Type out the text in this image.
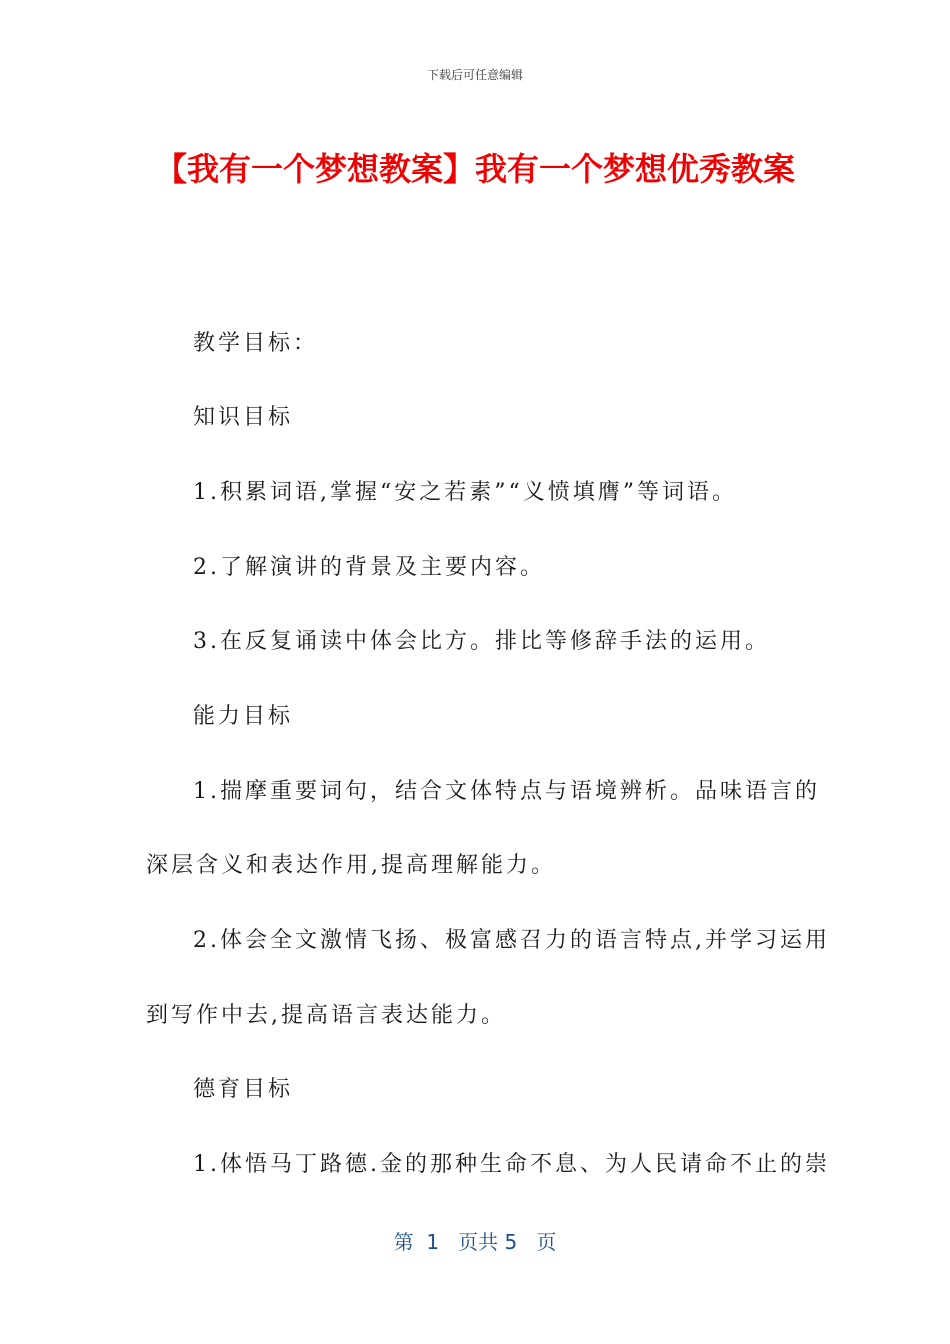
下载后可任意编辑
【我有一个梦想教案】我有一个梦想优秀教案
教学目标：
知识目标
1.积累词语,掌握“安之若素”“义愤填膺”等词语。
2.了解演讲的背景及主要内容。
3.在反复诵读中体会比方。排比等修辞手法的运用。
能力目标
1.揣摩重要词句，结合文体特点与语境辨析。品味语言的
深层含义和表达作用,提高理解能力。
2.体会全文激情飞扬、极富感召力的语言特点,并学习运用
到写作中去,提高语言表达能力。
德育目标
1.体悟马丁路德.金的那种生命不息、为人民请命不止的崇
第  1   页共 5   页
